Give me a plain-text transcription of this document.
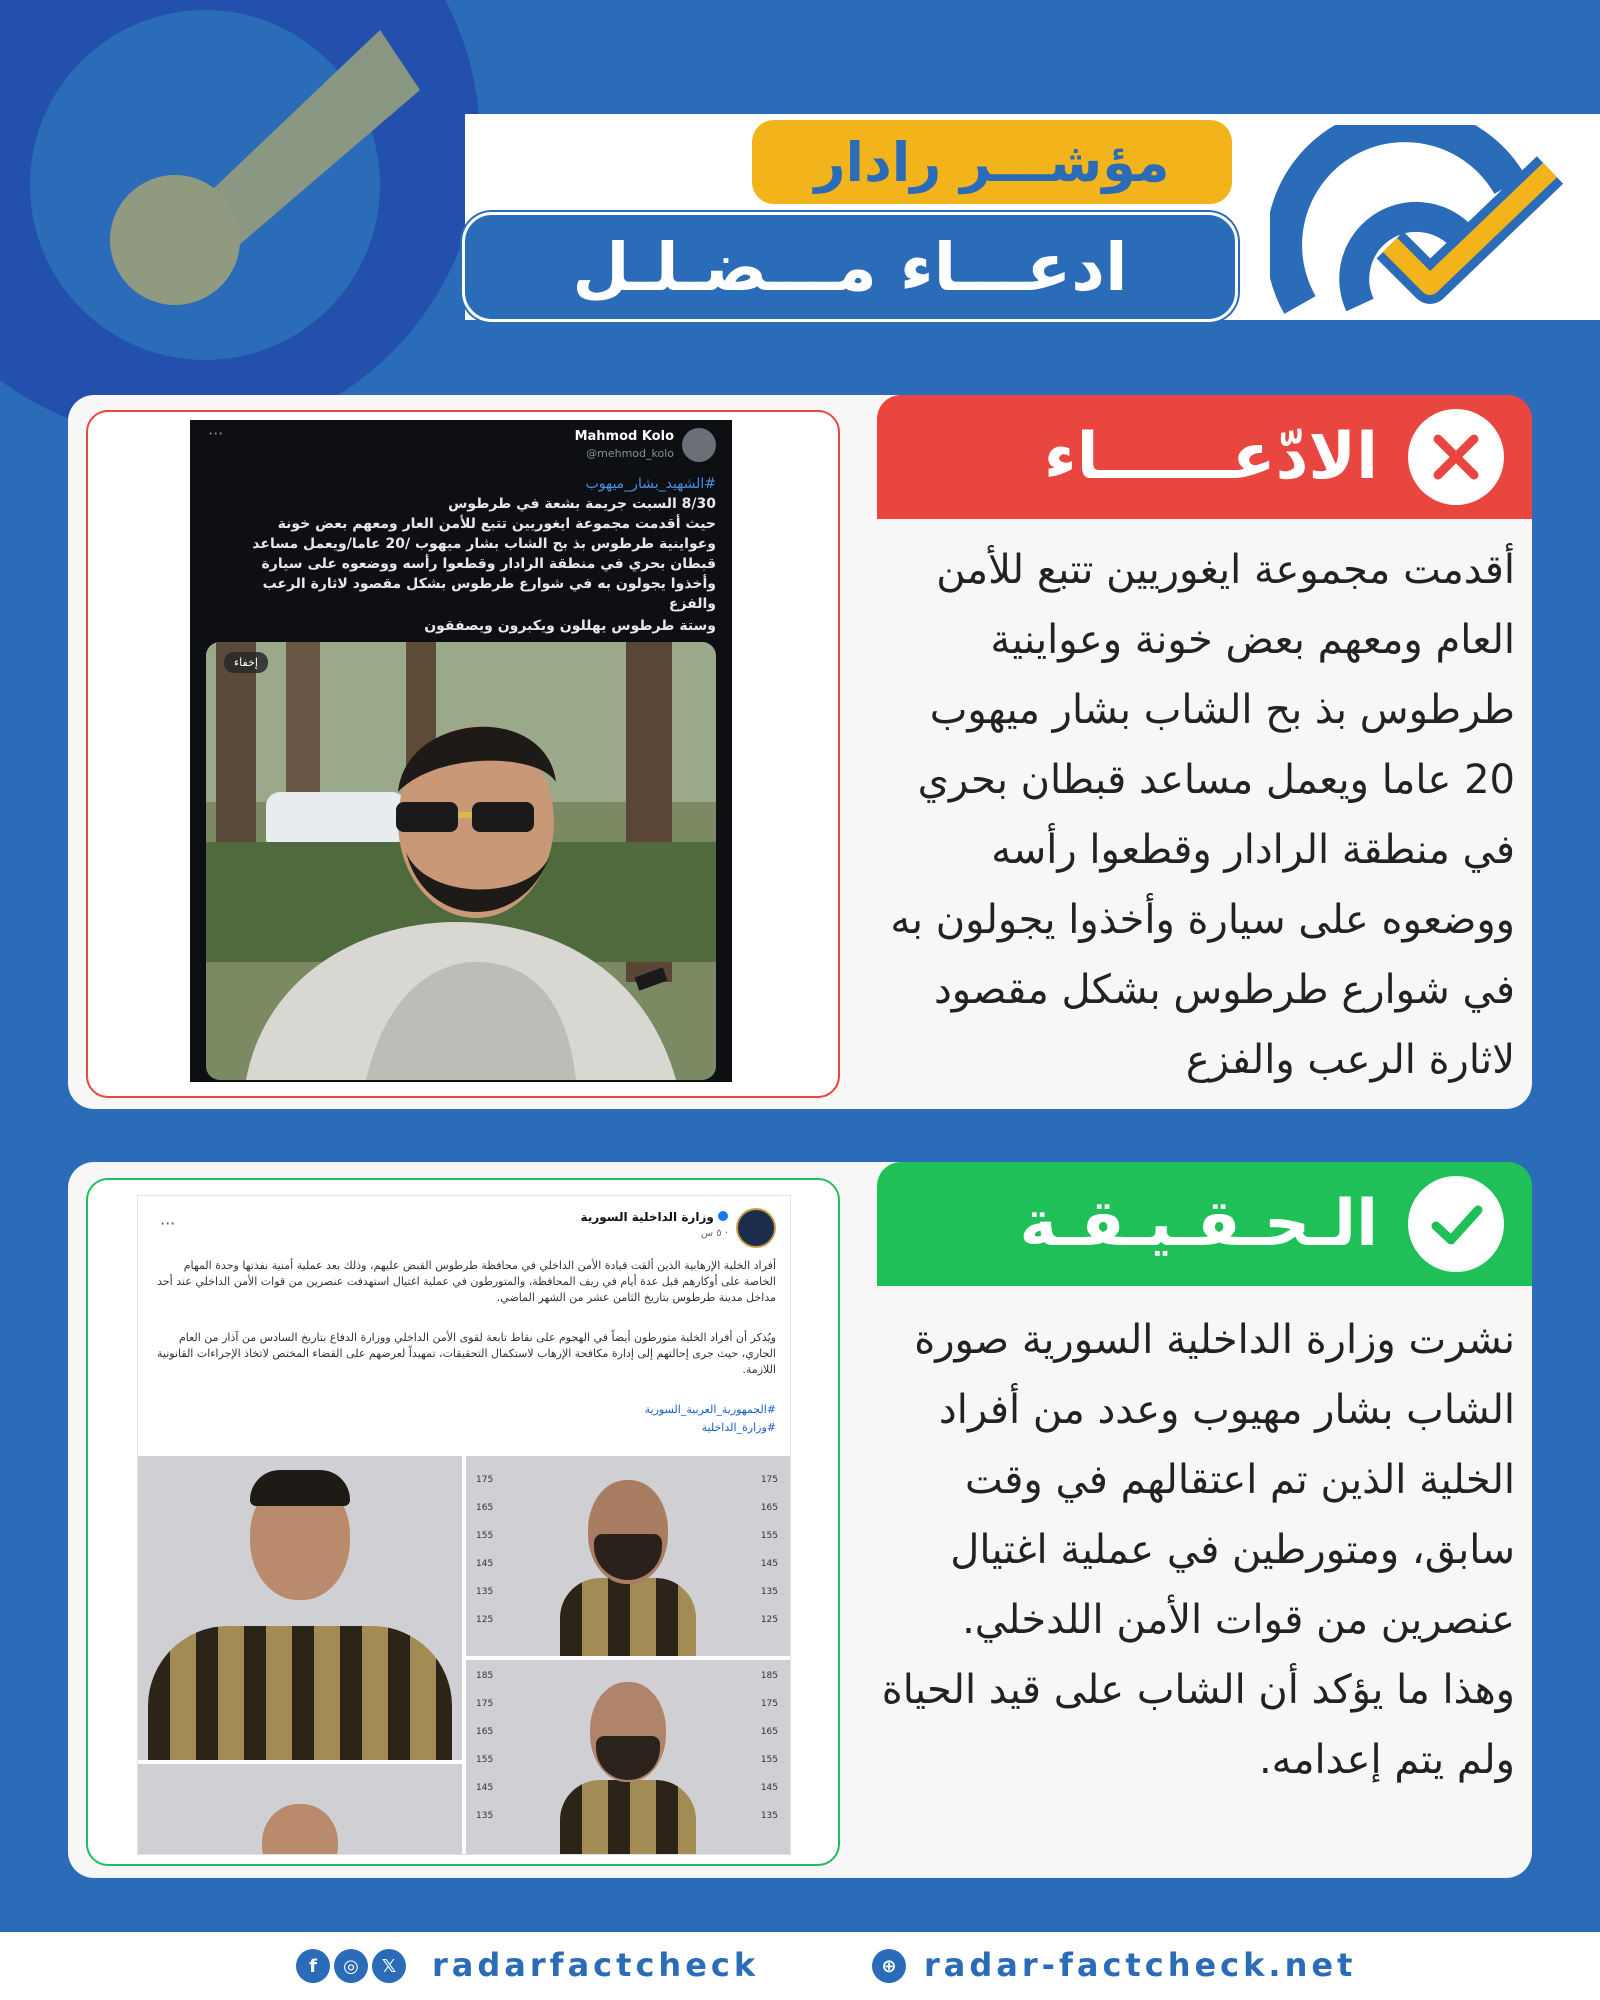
مؤشـــر رادار
ادعـــاء مـــضـلـل
الادّعــــــاء
أقدمت مجموعة ايغوريين تتبع للأمن العام ومعهم بعض خونة وعواينية طرطوس بذ بح الشاب بشار ميهوب 20 عاما ويعمل مساعد قبطان بحري في منطقة الرادار وقطعوا رأسه ووضعوه على سيارة وأخذوا يجولون به في شوارع طرطوس بشكل مقصود لاثارة الرعب والفزع
Mahmod Kolo
@mehmod_kolo
···
#الشهيد_بشار_ميهوب
8/30 السبت جريمة بشعة في طرطوس
حيث أقدمت مجموعة ايغوريين تتبع للأمن العار ومعهم بعض خونة وعواينية طرطوس بذ بح الشاب بشار ميهوب /20 عاما/ويعمل مساعد قبطان بحري في منطقة الرادار وقطعوا رأسه ووضعوه على سيارة وأخذوا يجولون به في شوارع طرطوس بشكل مقصود لاثارة الرعب والفزع
وستة طرطوس يهللون ويكبرون ويصفقون
إخفاء
الـحـقـيـقـة
نشرت وزارة الداخلية السورية صورة الشاب بشار مهيوب وعدد من أفراد الخلية الذين تم اعتقالهم في وقت سابق، ومتورطين في عملية اغتيال عنصرين من قوات الأمن اللدخلي. وهذا ما يؤكد أن الشاب على قيد الحياة ولم يتم إعدامه.
وزارة الداخلية السورية
٥ س ·
···
أفراد الخلية الإرهابية الذين ألقت قيادة الأمن الداخلي في محافظة طرطوس القبض عليهم، وذلك بعد عملية أمنية نفذتها وحدة المهام الخاصة على أوكارهم قبل عدة أيام في ريف المحافظة، والمتورطون في عملية اغتيال استهدفت عنصرين من قوات الأمن الداخلي عند أحد مداخل مدينة طرطوس بتاريخ الثامن عشر من الشهر الماضي.
ويُذكر أن أفراد الخلية متورطون أيضاً في الهجوم على نقاط تابعة لقوى الأمن الداخلي ووزارة الدفاع بتاريخ السادس من آذار من العام الجاري، حيث جرى إحالتهم إلى إدارة مكافحة الإرهاب لاستكمال التحقيقات، تمهيداً لعرضهم على القضاء المختص لاتخاذ الإجراءات القانونية اللازمة.
#الجمهورية_العربية_السورية
#وزارة_الداخلية
175
165
155
145
135
125
175
165
155
145
135
125
185
175
165
155
145
135
185
175
165
155
145
135
f	◎	𝕏	radarfactcheck	⊕ radar-factcheck.net
